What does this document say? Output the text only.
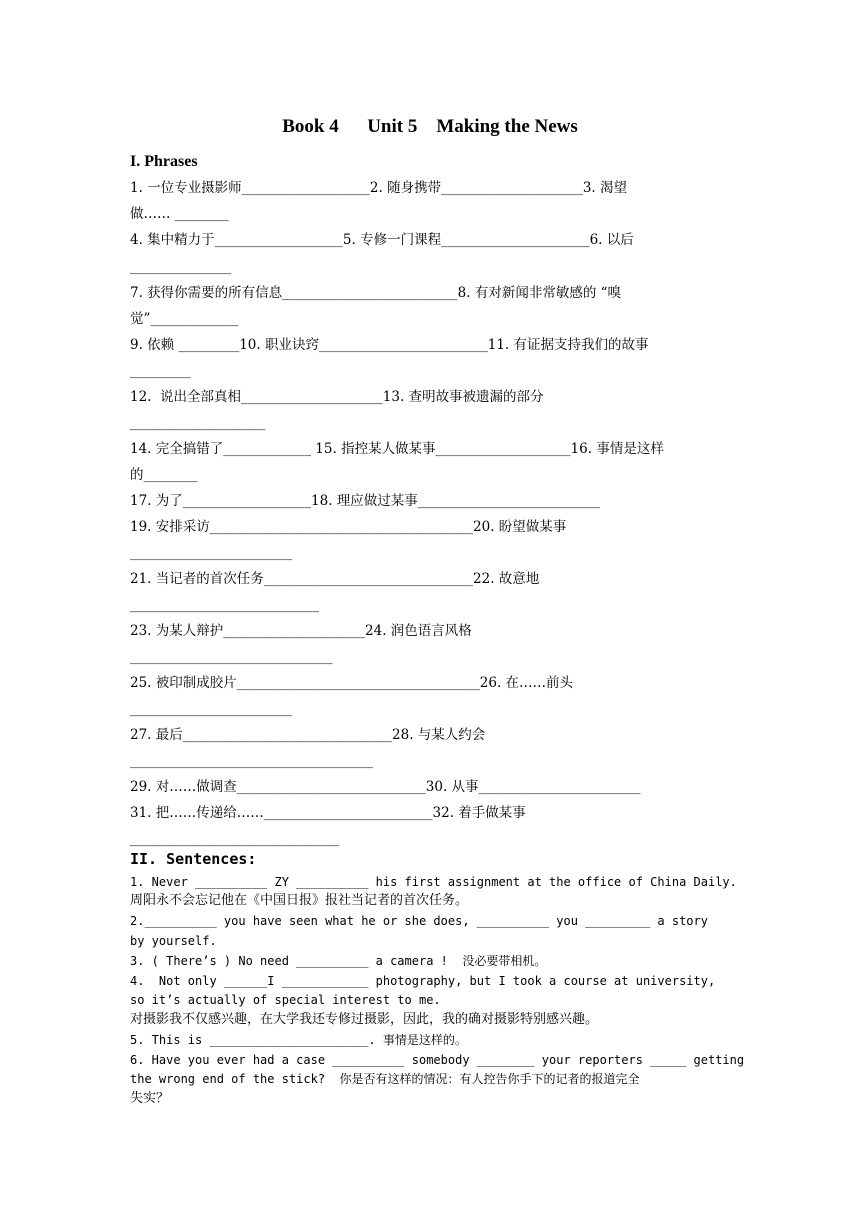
Book 4      Unit 5    Making the News
I. Phrases
1. 一位专业摄影师___________________2. 随身携带_____________________3. 渴望
做…… ________
4. 集中精力于___________________5. 专修一门课程______________________6. 以后
_______________
7. 获得你需要的所有信息__________________________8. 有对新闻非常敏感的 “嗅
觉”_____________
9. 依赖 _________10. 职业诀窍_________________________11. 有证据支持我们的故事
_________
12.  说出全部真相_____________________13. 查明故事被遗漏的部分
____________________
14. 完全搞错了_____________ 15. 指控某人做某事____________________16. 事情是这样
的________
17. 为了___________________18. 理应做过某事___________________________
19. 安排采访_______________________________________20. 盼望做某事
________________________
21. 当记者的首次任务_______________________________22. 故意地
____________________________
23. 为某人辩护_____________________24. 润色语言风格
______________________________
25. 被印制成胶片____________________________________26. 在……前头
________________________
27. 最后_______________________________28. 与某人约会
____________________________________
29. 对……做调查____________________________30. 从事________________________
31. 把……传递给……_________________________32. 着手做某事
_______________________________
II. Sentences:
1. Never __________ ZY __________ his first assignment at the office of China Daily.
周阳永不会忘记他在《中国日报》报社当记者的首次任务。
2.__________ you have seen what he or she does, __________ you _________ a story
by yourself.
3. ( There’s ) No need __________ a camera !  没必要带相机。
4.  Not only ______I ____________ photography, but I took a course at university,
so it’s actually of special interest to me.
对摄影我不仅感兴趣，在大学我还专修过摄影，因此，我的确对摄影特别感兴趣。
5. This is ______________________. 事情是这样的。
6. Have you ever had a case __________ somebody ________ your reporters _____ getting
the wrong end of the stick?  你是否有这样的情况：有人控告你手下的记者的报道完全
失实？
